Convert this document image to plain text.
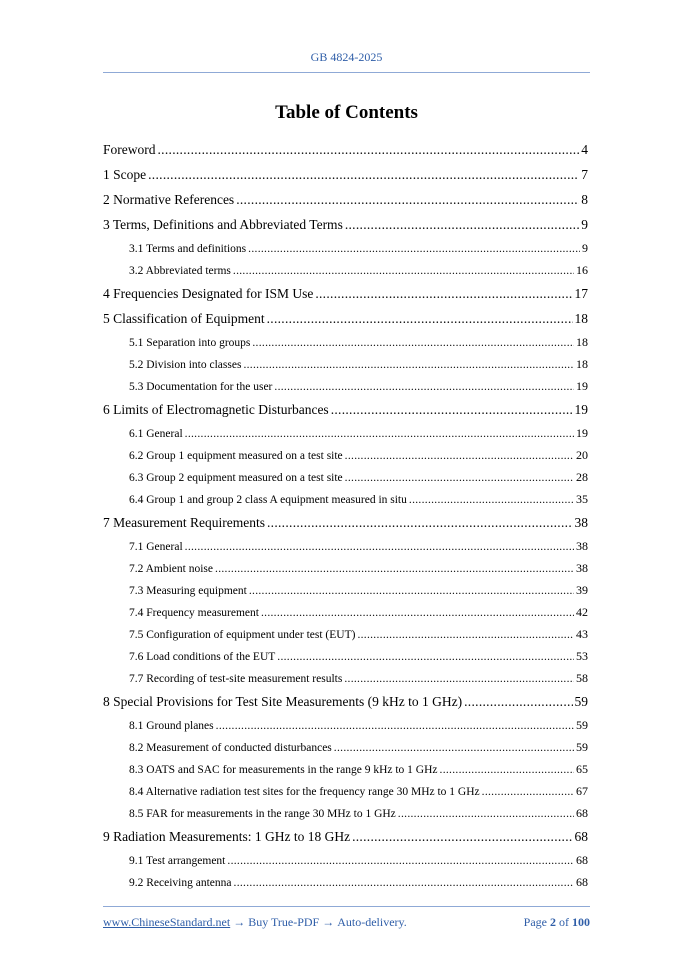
GB 4824-2025
Table of Contents
Foreword .....	4
1 Scope .....	7
2 Normative References .....	8
3 Terms, Definitions and Abbreviated Terms .....	9
3.1 Terms and definitions .....	9
3.2 Abbreviated terms .....	16
4 Frequencies Designated for ISM Use .....	17
5 Classification of Equipment .....	18
5.1 Separation into groups .....	18
5.2 Division into classes .....	18
5.3 Documentation for the user .....	19
6 Limits of Electromagnetic Disturbances .....	19
6.1 General .....	19
6.2 Group 1 equipment measured on a test site .....	20
6.3 Group 2 equipment measured on a test site .....	28
6.4 Group 1 and group 2 class A equipment measured in situ .....	35
7 Measurement Requirements .....	38
7.1 General .....	38
7.2 Ambient noise .....	38
7.3 Measuring equipment .....	39
7.4 Frequency measurement .....	42
7.5 Configuration of equipment under test (EUT) .....	43
7.6 Load conditions of the EUT .....	53
7.7 Recording of test-site measurement results .....	58
8 Special Provisions for Test Site Measurements (9 kHz to 1 GHz) .....	59
8.1 Ground planes .....	59
8.2 Measurement of conducted disturbances .....	59
8.3 OATS and SAC for measurements in the range 9 kHz to 1 GHz .....	65
8.4 Alternative radiation test sites for the frequency range 30 MHz to 1 GHz .....	67
8.5 FAR for measurements in the range 30 MHz to 1 GHz .....	68
9 Radiation Measurements: 1 GHz to 18 GHz .....	68
9.1 Test arrangement .....	68
9.2 Receiving antenna .....	68
www.ChineseStandard.net → Buy True-PDF → Auto-delivery.	Page 2 of 100
